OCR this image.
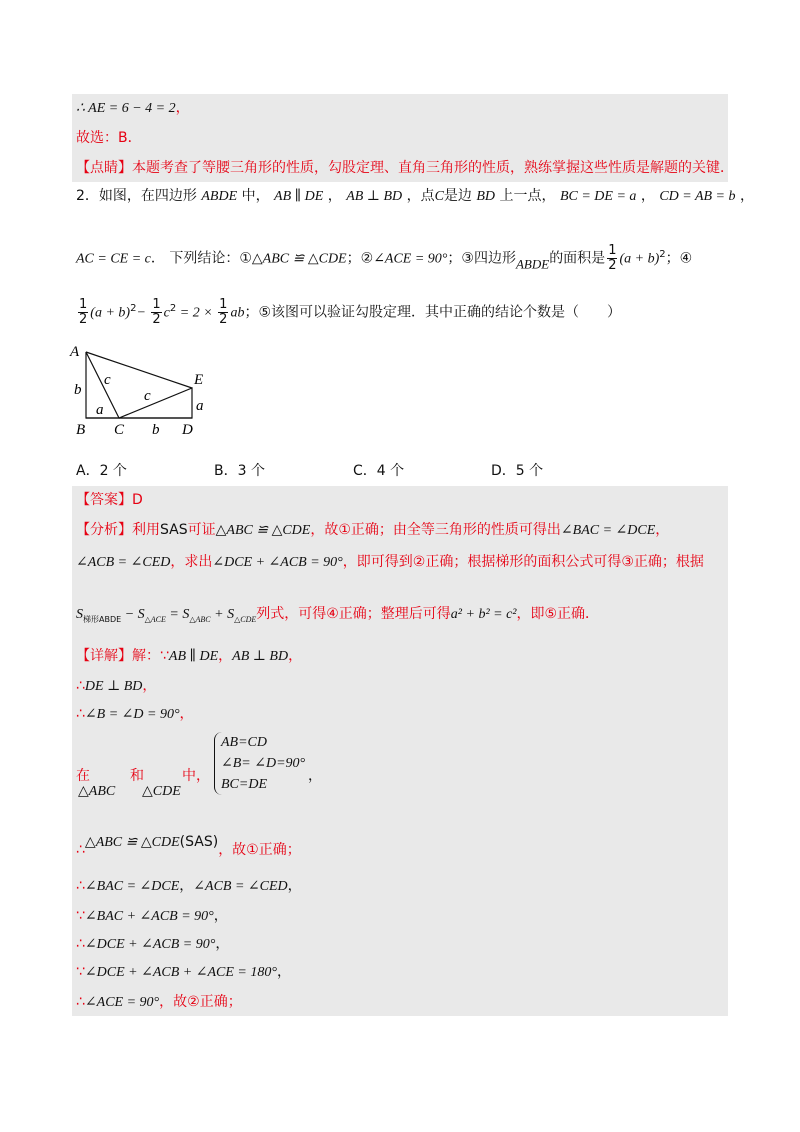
∴ AE = 6 − 4 = 2，
故选：B．
【点睛】本题考查了等腰三角形的性质，勾股定理、直角三角形的性质，熟练掌握这些性质是解题的关键．
2．如图，在四边形 ABDE 中， AB ∥ DE ， AB ⊥ BD ，点C是边 BD 上一点， BC = DE = a ， CD = AB = b ，
AC = CE = c． 下列结论：①△ABC ≌ △CDE；②∠ACE = 90°；③四边形ABDE的面积是 $\frac{1}{2} (a + b)^2$；④
$\frac{1}{2} (a + b)^2- \frac{1}{2} c^2 = 2 \times \frac{1}{2}$ ab；⑤该图可以验证勾股定理．其中正确的结论个数是（　　）
A
b
B C	D
E
a
a
b
c
c
A．2 个	B．3 个	C．4 个	D．5 个
【答案】D
【分析】利用SAS可证△ABC ≌ △CDE，故①正确；由全等三角形的性质可得出∠BAC = ∠DCE，
∠ACB = ∠CED，求出∠DCE + ∠ACB = 90°，即可得到②正确；根据梯形的面积公式可得③正确；根据
$S_{梯形ABDE} - S_{\triangle ACE} = S_{\triangle ABC} + S_{\triangle CDE}$列式，可得④正确；整理后可得a² + b² = c²，即⑤正确．
【详解】解：∵AB ∥ DE，AB ⊥ BD，
∴DE ⊥ BD，
∴∠B = ∠D = 90°，
在
△ABC
和
△CDE
中，
AB=CD
∠B= ∠D=90°
BC=DE
，
∴△ABC ≌ △CDE(SAS)，故①正确；
∴∠BAC = ∠DCE，∠ACB = ∠CED，
∵∠BAC + ∠ACB = 90°，
∴∠DCE + ∠ACB = 90°，
∵∠DCE + ∠ACB + ∠ACE = 180°，
∴∠ACE = 90°，故②正确；
